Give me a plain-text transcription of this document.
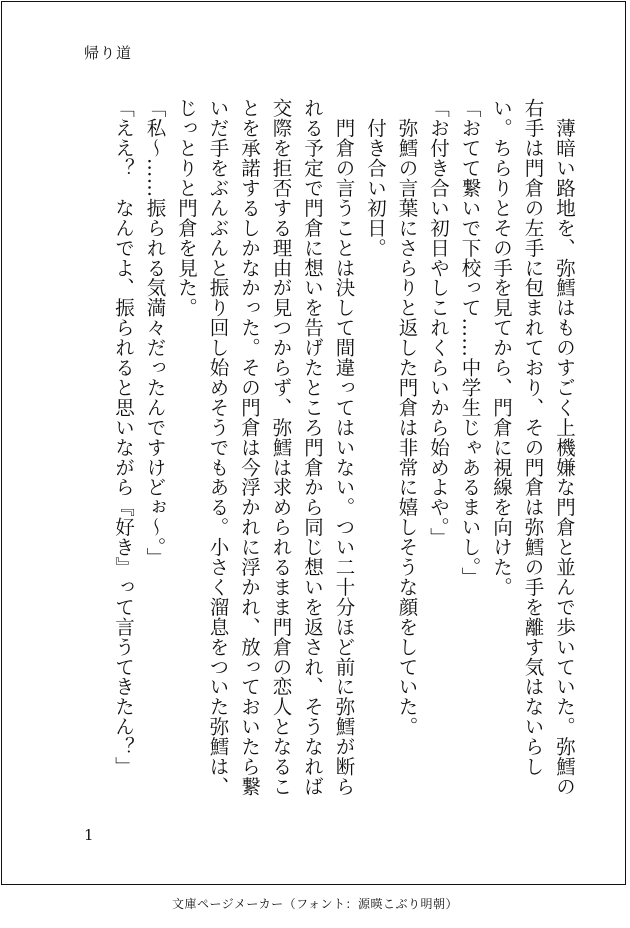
帰り道

　薄暗い路地を、弥鱈はものすごく上機嫌な門倉と並んで歩いていた。弥鱈の右手は門倉の左手に包まれており、その門倉は弥鱈の手を離す気はないらしい。ちらりとその手を見てから、門倉に視線を向けた。

「おてて繋いで下校って……中学生じゃあるまいし。」

「お付き合い初日やしこれくらいから始めよや。」

　弥鱈の言葉にさらりと返した門倉は非常に嬉しそうな顔をしていた。

　付き合い初日。

　門倉の言うことは決して間違ってはいない。つい二十分ほど前に弥鱈が断られる予定で門倉に想いを告げたところ門倉から同じ想いを返され、そうなれば交際を拒否する理由が見つからず、弥鱈は求められるまま門倉の恋人となることを承諾するしかなかった。その門倉は今浮かれに浮かれ、放っておいたら繋いだ手をぶんぶんと振り回し始めそうでもある。小さく溜息をついた弥鱈は、じっとりと門倉を見た。

「私〜……振られる気満々だったんですけどぉ〜。」

「ええ？　なんでよ、振られると思いながら『好き』って言うてきたん？」

1
文庫ページメーカー（フォント：源暎こぶり明朝）
